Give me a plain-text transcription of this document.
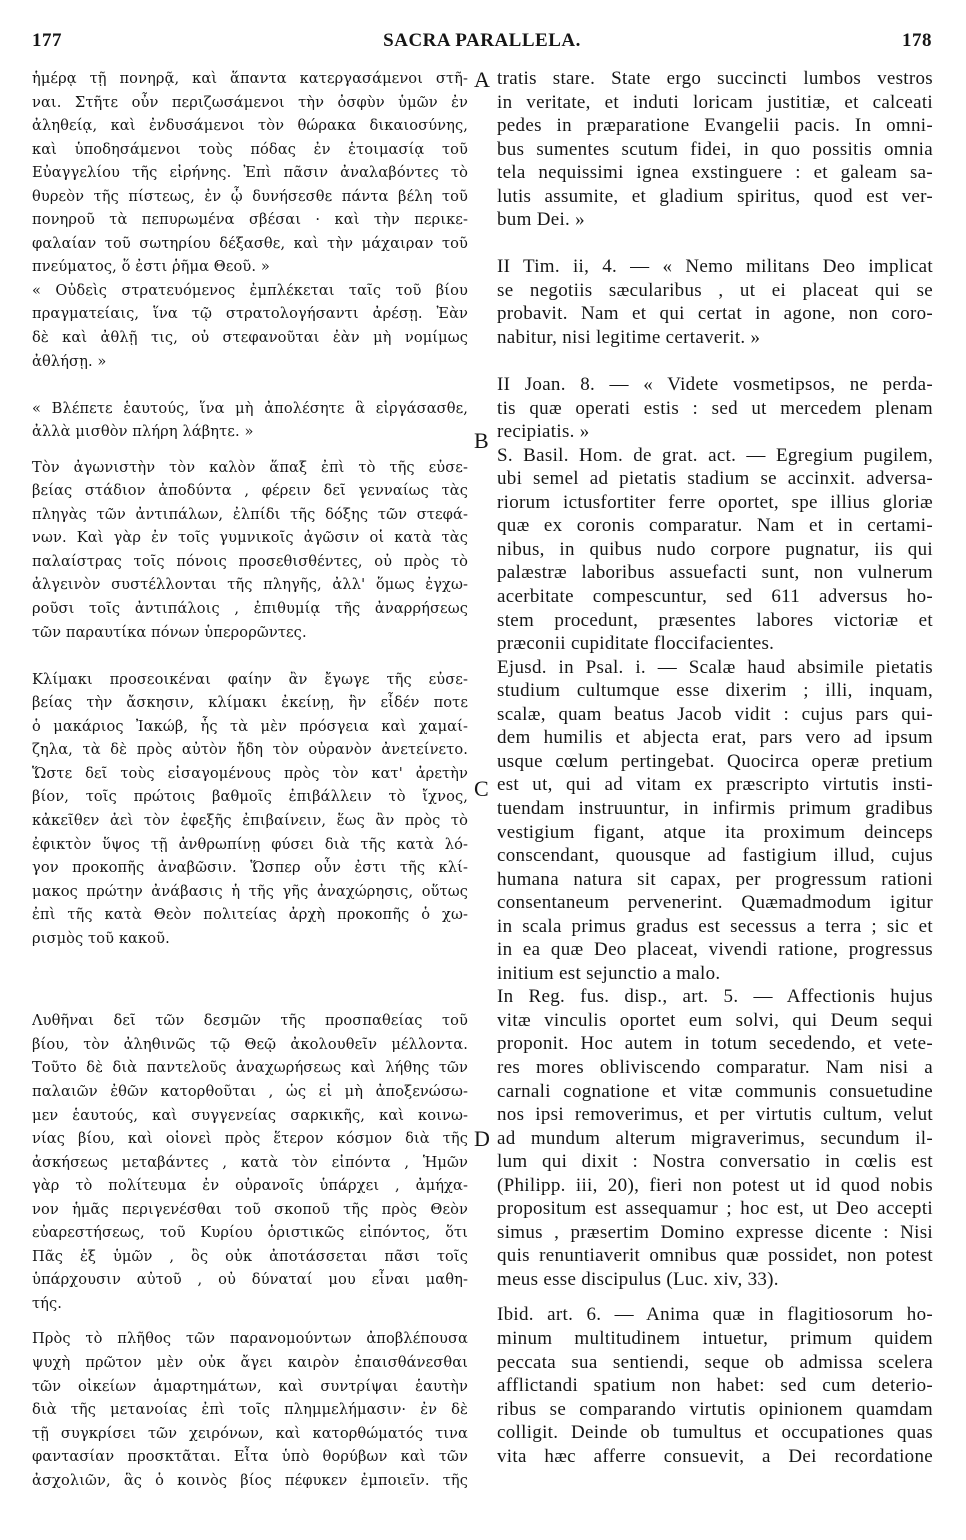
177	SACRA PARALLELA.	178
ἡμέρᾳ τῇ πονηρᾷ, καὶ ἅπαντα κατεργασάμενοι στῆ-
ναι. Στῆτε οὖν περιζωσάμενοι τὴν ὀσφὺν ὑμῶν ἐν
ἀληθείᾳ, καὶ ἐνδυσάμενοι τὸν θώρακα δικαιοσύνης,
καὶ ὑποδησάμενοι τοὺς πόδας ἐν ἑτοιμασίᾳ τοῦ
Εὐαγγελίου τῆς εἰρήνης. Ἐπὶ πᾶσιν ἀναλαβόντες τὸ
θυρεὸν τῆς πίστεως, ἐν ᾧ δυνήσεσθε πάντα βέλη τοῦ
πονηροῦ τὰ πεπυρωμένα σβέσαι · καὶ τὴν περικε-
φαλαίαν τοῦ σωτηρίου δέξασθε, καὶ τὴν μάχαιραν τοῦ
πνεύματος, ὅ ἐστι ῥῆμα Θεοῦ. »
« Οὐδεὶς στρατευόμενος ἐμπλέκεται ταῖς τοῦ βίου
πραγματείαις, ἵνα τῷ στρατολογήσαντι ἀρέσῃ. Ἐὰν
δὲ καὶ ἀθλῇ τις, οὐ στεφανοῦται ἐὰν μὴ νομίμως
ἀθλήσῃ. »
« Βλέπετε ἑαυτούς, ἵνα μὴ ἀπολέσητε ἃ εἰργάσασθε,
ἀλλὰ μισθὸν πλήρη λάβητε. »
Τὸν ἀγωνιστὴν τὸν καλὸν ἅπαξ ἐπὶ τὸ τῆς εὐσε-
βείας στάδιον ἀποδύντα , φέρειν δεῖ γενναίως τὰς
πληγὰς τῶν ἀντιπάλων, ἐλπίδι τῆς δόξης τῶν στεφά-
νων. Καὶ γὰρ ἐν τοῖς γυμνικοῖς ἀγῶσιν οἱ κατὰ τὰς
παλαίστρας τοῖς πόνοις προσεθισθέντες, οὐ πρὸς τὸ
ἀλγεινὸν συστέλλονται τῆς πληγῆς, ἀλλ' ὅμως ἐγχω-
ροῦσι τοῖς ἀντιπάλοις , ἐπιθυμίᾳ τῆς ἀναρρήσεως
τῶν παραυτίκα πόνων ὑπερορῶντες.
Κλίμακι προσεοικέναι φαίην ἂν ἔγωγε τῆς εὐσε-
βείας τὴν ἄσκησιν, κλίμακι ἐκείνῃ, ἣν εἶδέν ποτε
ὁ μακάριος Ἰακώβ, ἧς τὰ μὲν πρόσγεια καὶ χαμαί-
ζηλα, τὰ δὲ πρὸς αὐτὸν ἤδη τὸν οὐρανὸν ἀνετείνετο.
Ὥστε δεῖ τοὺς εἰσαγομένους πρὸς τὸν κατ' ἀρετὴν
βίον, τοῖς πρώτοις βαθμοῖς ἐπιβάλλειν τὸ ἴχνος,
κἀκεῖθεν ἀεὶ τὸν ἐφεξῆς ἐπιβαίνειν, ἕως ἂν πρὸς τὸ
ἐφικτὸν ὕψος τῇ ἀνθρωπίνῃ φύσει διὰ τῆς κατὰ λό-
γον προκοπῆς ἀναβῶσιν. Ὥσπερ οὖν ἐστι τῆς κλί-
μακος πρώτην ἀνάβασις ἡ τῆς γῆς ἀναχώρησις, οὕτως
ἐπὶ τῆς κατὰ Θεὸν πολιτείας ἀρχὴ προκοπῆς ὁ χω-
ρισμὸς τοῦ κακοῦ.
Λυθῆναι δεῖ τῶν δεσμῶν τῆς προσπαθείας τοῦ
βίου, τὸν ἀληθινῶς τῷ Θεῷ ἀκολουθεῖν μέλλοντα.
Τοῦτο δὲ διὰ παντελοῦς ἀναχωρήσεως καὶ λήθης τῶν
παλαιῶν ἐθῶν κατορθοῦται , ὡς εἰ μὴ ἀποξενώσω-
μεν ἑαυτούς, καὶ συγγενείας σαρκικῆς, καὶ κοινω-
νίας βίου, καὶ οἱονεὶ πρὸς ἕτερον κόσμον διὰ τῆς
ἀσκήσεως μεταβάντες , κατὰ τὸν εἰπόντα , Ἡμῶν
γὰρ τὸ πολίτευμα ἐν οὐρανοῖς ὑπάρχει , ἀμήχα-
νον ἡμᾶς περιγενέσθαι τοῦ σκοποῦ τῆς πρὸς Θεὸν
εὐαρεστήσεως, τοῦ Κυρίου ὁριστικῶς εἰπόντος, ὅτι
Πᾶς ἐξ ὑμῶν , ὃς οὐκ ἀποτάσσεται πᾶσι τοῖς
ὑπάρχουσιν αὐτοῦ , οὐ δύναταί μου εἶναι μαθη-
τής.
Πρὸς τὸ πλῆθος τῶν παρανομούντων ἀποβλέπουσα
ψυχὴ πρῶτον μὲν οὐκ ἄγει καιρὸν ἐπαισθάνεσθαι
τῶν οἰκείων ἁμαρτημάτων, καὶ συντρίψαι ἑαυτὴν
διὰ τῆς μετανοίας ἐπὶ τοῖς πλημμελήμασιν· ἐν δὲ
τῇ συγκρίσει τῶν χειρόνων, καὶ κατορθώματός τινα
φαντασίαν προσκτᾶται. Εἶτα ὑπὸ θορύβων καὶ τῶν
ἀσχολιῶν, ἃς ὁ κοινὸς βίος πέφυκεν ἐμποιεῖν. τῆς
tratis stare. State ergo succincti lumbos vestros
in veritate, et induti loricam justitiæ, et calceati
pedes in præparatione Evangelii pacis. In omni-
bus sumentes scutum fidei, in quo possitis omnia
tela nequissimi ignea exstinguere : et galeam sa-
lutis assumite, et gladium spiritus, quod est ver-
bum Dei. »
II Tim. ii, 4. — « Nemo militans Deo implicat
se negotiis sæcularibus , ut ei placeat qui se
probavit. Nam et qui certat in agone, non coro-
nabitur, nisi legitime certaverit. »
II Joan. 8. — « Videte vosmetipsos, ne perda-
tis quæ operati estis : sed ut mercedem plenam
recipiatis. »
S. Basil. Hom. de grat. act. — Egregium pugilem,
ubi semel ad pietatis stadium se accinxit. adversa-
riorum ictusfortiter ferre oportet, spe illius gloriæ
quæ ex coronis comparatur. Nam et in certami-
nibus, in quibus nudo corpore pugnatur, iis qui
palæstræ laboribus assuefacti sunt, non vulnerum
acerbitate compescuntur, sed 611 adversus ho-
stem procedunt, præsentes labores victoriæ et
præconii cupiditate floccifacientes.
Ejusd. in Psal. i. — Scalæ haud absimile pietatis
studium cultumque esse dixerim ; illi, inquam,
scalæ, quam beatus Jacob vidit : cujus pars qui-
dem humilis et abjecta erat, pars vero ad ipsum
usque cœlum pertingebat. Quocirca operæ pretium
est ut, qui ad vitam ex præscripto virtutis insti-
tuendam instruuntur, in infirmis primum gradibus
vestigium figant, atque ita proximum deinceps
conscendant, quousque ad fastigium illud, cujus
humana natura sit capax, per progressum rationi
consentaneum pervenerint. Quæmadmodum igitur
in scala primus gradus est secessus a terra ; sic et
in ea quæ Deo placeat, vivendi ratione, progressus
initium est sejunctio a malo.
In Reg. fus. disp., art. 5. — Affectionis hujus
vitæ vinculis oportet eum solvi, qui Deum sequi
proponit. Hoc autem in totum secedendo, et vete-
res mores obliviscendo comparatur. Nam nisi a
carnali cognatione et vitæ communis consuetudine
nos ipsi removerimus, et per virtutis cultum, velut
ad mundum alterum migraverimus, secundum il-
lum qui dixit : Nostra conversatio in cœlis est
(Philipp. iii, 20), fieri non potest ut id quod nobis
propositum est assequamur ; hoc est, ut Deo accepti
simus , præsertim Domino expresse dicente : Nisi
quis renuntiaverit omnibus quæ possidet, non potest
meus esse discipulus (Luc. xiv, 33).
Ibid. art. 6. — Anima quæ in flagitiosorum ho-
minum multitudinem intuetur, primum quidem
peccata sua sentiendi, seque ob admissa scelera
afflictandi spatium non habet: sed cum deterio-
ribus se comparando virtutis opinionem quamdam
colligit. Deinde ob tumultus et occupationes quas
vita hæc afferre consuevit, a Dei recordatione
A
B
C
D
